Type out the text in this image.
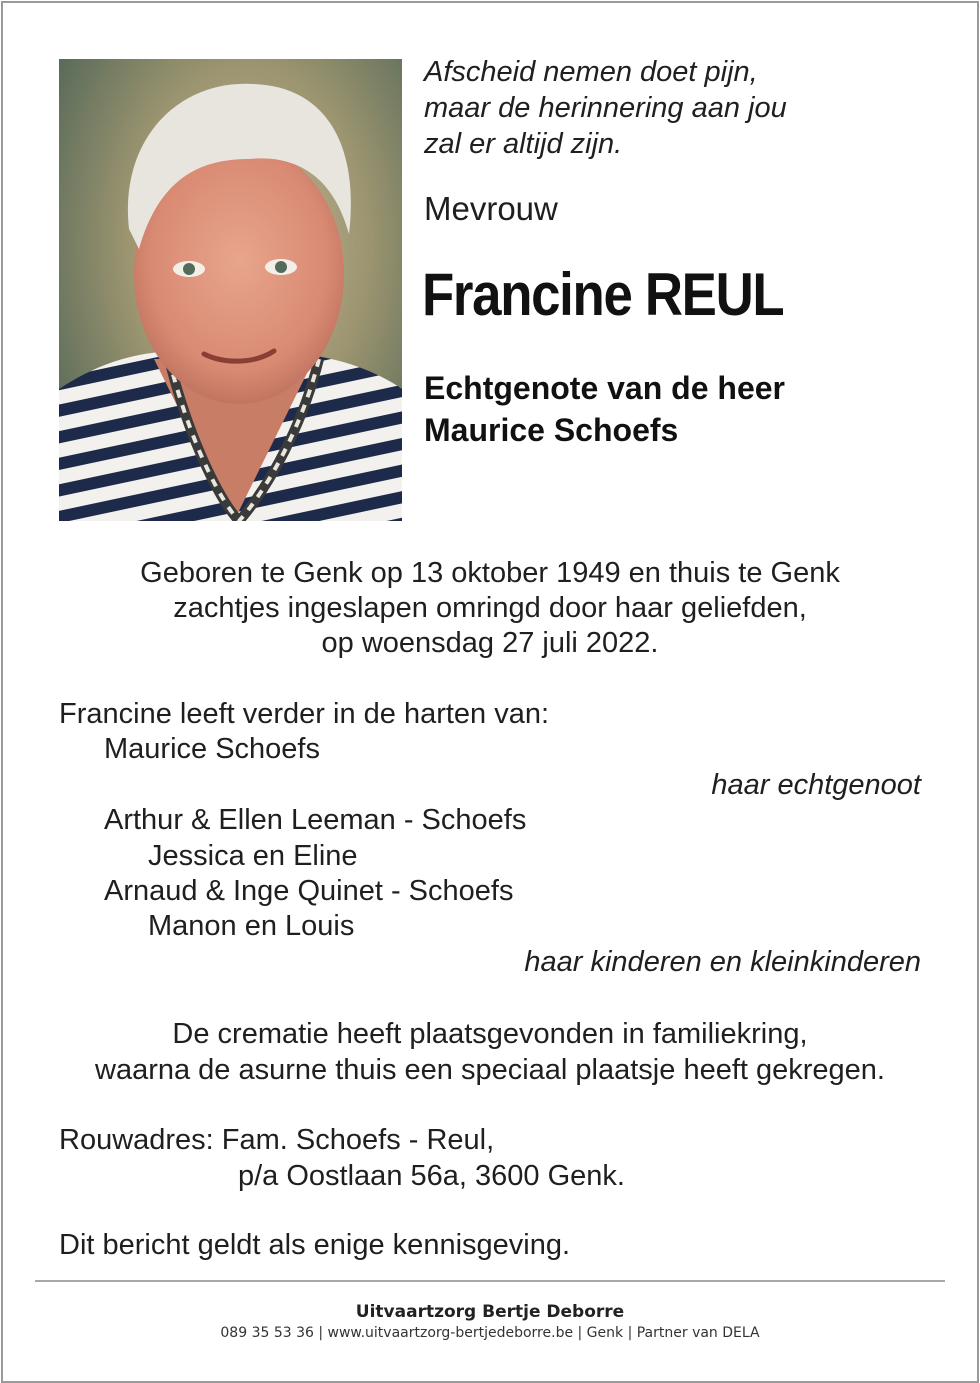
Afscheid nemen doet pijn,
maar de herinnering aan jou
zal er altijd zijn.
Mevrouw
Francine REUL
Echtgenote van de heer
Maurice Schoefs
Geboren te Genk op 13 oktober 1949 en thuis te Genk
zachtjes ingeslapen omringd door haar geliefden,
op woensdag 27 juli 2022.
Francine leeft verder in de harten van:
Maurice Schoefs
haar echtgenoot
Arthur & Ellen Leeman - Schoefs
Jessica en Eline
Arnaud & Inge Quinet - Schoefs
Manon en Louis
haar kinderen en kleinkinderen
De crematie heeft plaatsgevonden in familiekring,
waarna de asurne thuis een speciaal plaatsje heeft gekregen.
Rouwadres: Fam. Schoefs - Reul,
p/a Oostlaan 56a, 3600 Genk.
Dit bericht geldt als enige kennisgeving.
Uitvaartzorg Bertje Deborre
089 35 53 36 | www.uitvaartzorg-bertjedeborre.be | Genk | Partner van DELA
